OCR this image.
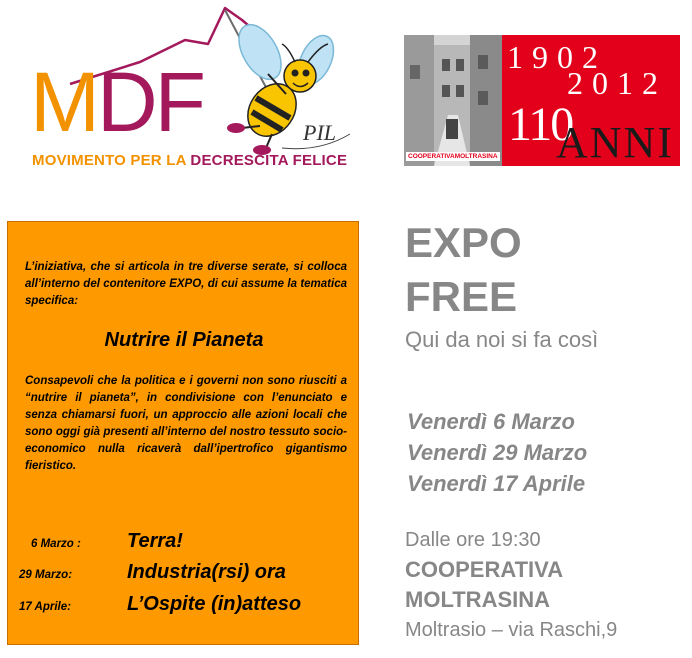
MDF	PIL
MOVIMENTO PER LA DECRESCITA FELICE	COOPERATIVAMOLTRASINA
1902
2012
110
ANNI
L’iniziativa, che si articola in tre diverse serate, si colloca all’interno del contenitore EXPO, di cui assume la tematica specifica:
Nutrire il Pianeta
Consapevoli che la politica e i governi non sono riusciti a “nutrire il pianeta”, in condivisione con l’enunciato e senza chiamarsi fuori, un approccio alle azioni locali che sono oggi già presenti all’interno del nostro tessuto socio-economico nulla ricaverà dall’ipertrofico gigantismo fieristico.
6 Marzo :	Terra!
29 Marzo:	Industria(rsi) ora
17 Aprile:	L’Ospite (in)atteso
EXPO
FREE
Qui da noi si fa così
Venerdì 6 Marzo
Venerdì 29 Marzo
Venerdì 17 Aprile
Dalle ore 19:30
COOPERATIVA
MOLTRASINA
Moltrasio – via Raschi,9
